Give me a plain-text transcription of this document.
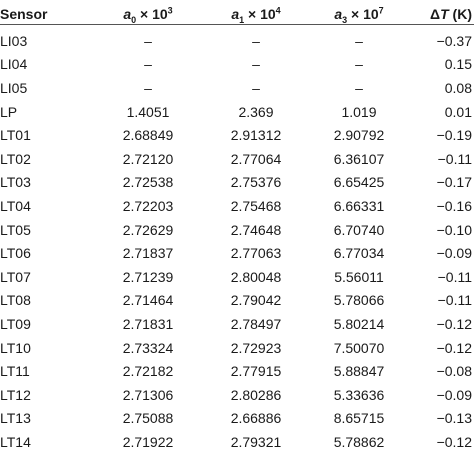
Sensor	$a_0 \times 10^3$	$a_1 \times 10^4$	$a_3 \times 10^7$	ΔT (K)
LI03	–	–	–	−0.37
LI04	–	–	–	0.15
LI05	–	–	–	0.08
LP	1.4051	2.369	1.019	0.01
LT01	2.68849	2.91312	2.90792	−0.19
LT02	2.72120	2.77064	6.36107	−0.11
LT03	2.72538	2.75376	6.65425	−0.17
LT04	2.72203	2.75468	6.66331	−0.16
LT05	2.72629	2.74648	6.70740	−0.10
LT06	2.71837	2.77063	6.77034	−0.09
LT07	2.71239	2.80048	5.56011	−0.11
LT08	2.71464	2.79042	5.78066	−0.11
LT09	2.71831	2.78497	5.80214	−0.12
LT10	2.73324	2.72923	7.50070	−0.12
LT11	2.72182	2.77915	5.88847	−0.08
LT12	2.71306	2.80286	5.33636	−0.09
LT13	2.75088	2.66886	8.65715	−0.13
LT14	2.71922	2.79321	5.78862	−0.12
